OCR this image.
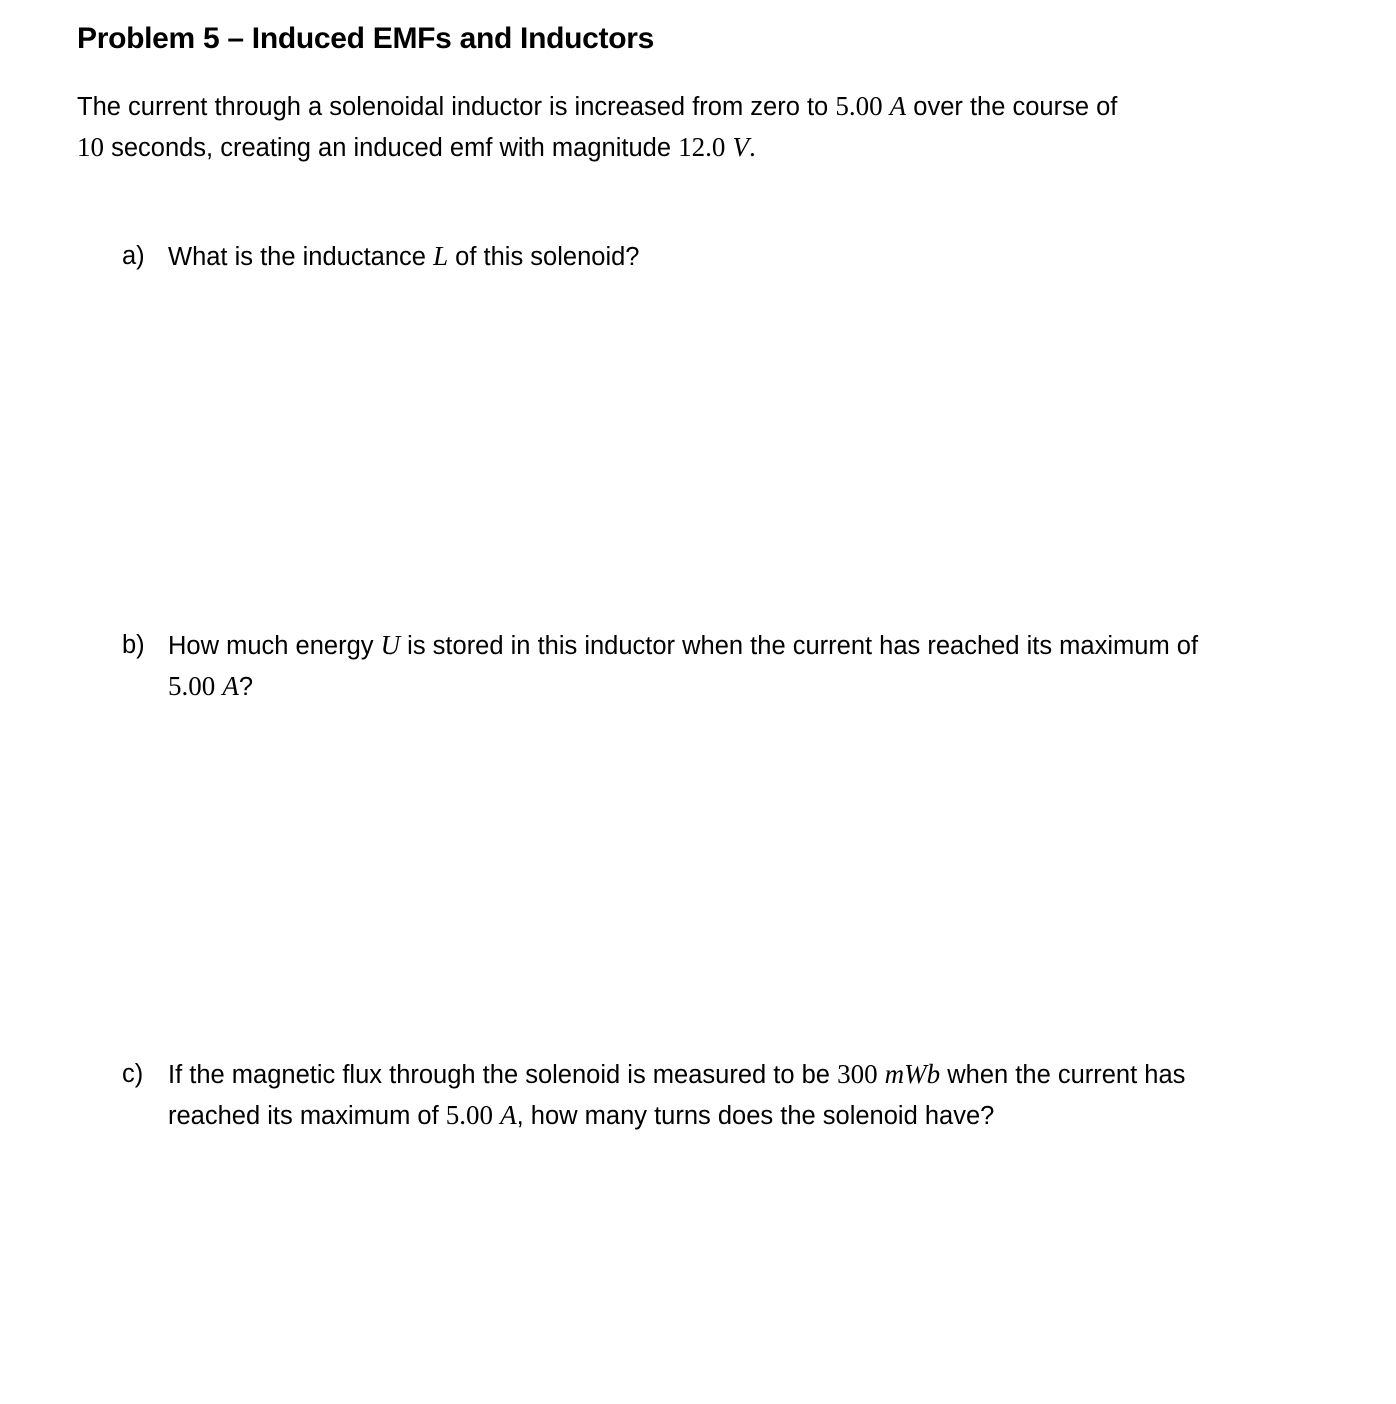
Problem 5 – Induced EMFs and Inductors
The current through a solenoidal inductor is increased from zero to 5.00 A over the course of
10 seconds, creating an induced emf with magnitude 12.0 V.
a) What is the inductance L of this solenoid?
b) How much energy U is stored in this inductor when the current has reached its maximum of 5.00 A?
c) If the magnetic flux through the solenoid is measured to be 300 mWb when the current has reached its maximum of 5.00 A, how many turns does the solenoid have?
